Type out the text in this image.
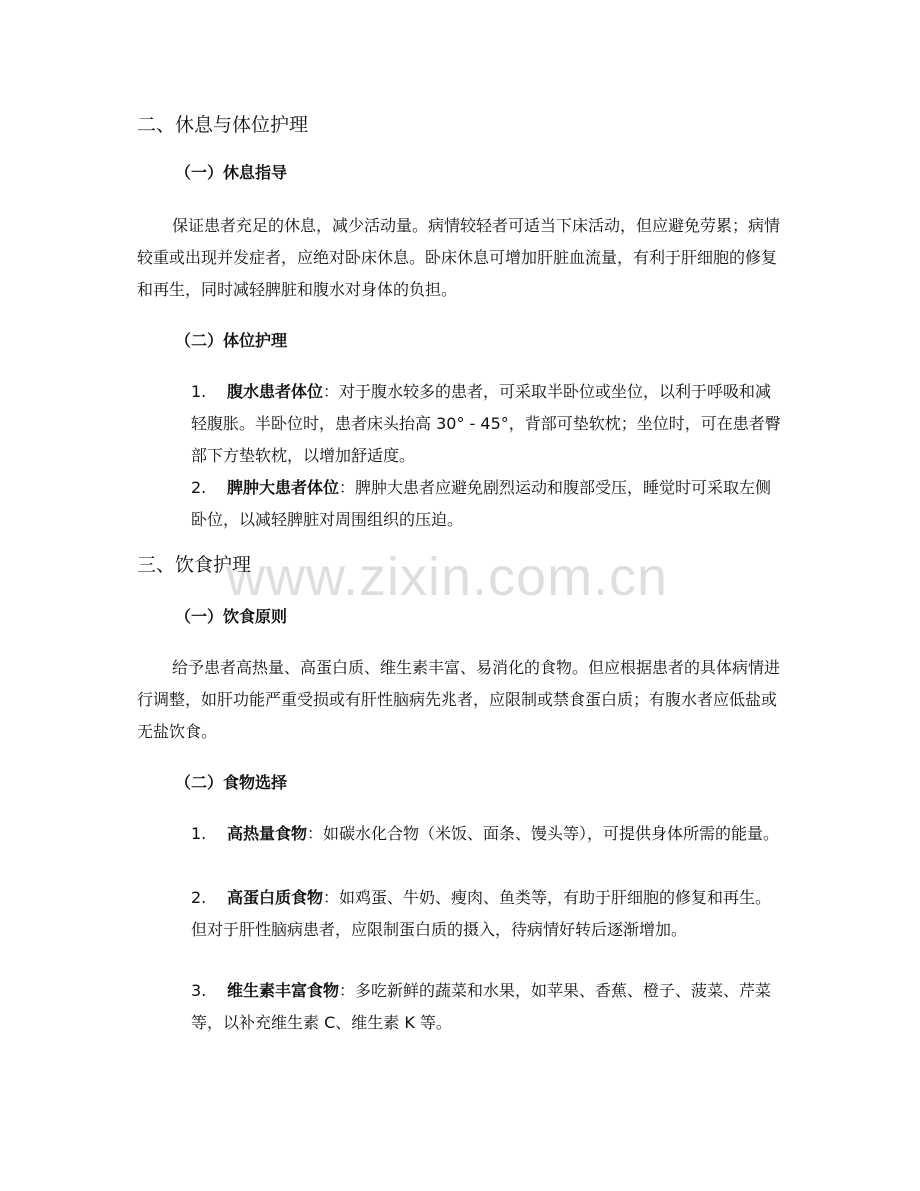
二、休息与体位护理
（一）休息指导

保证患者充足的休息，减少活动量。病情较轻者可适当下床活动，但应避免劳累；病情较重或出现并发症者，应绝对卧床休息。卧床休息可增加肝脏血流量，有利于肝细胞的修复和再生，同时减轻脾脏和腹水对身体的负担。

（二）体位护理

1. 腹水患者体位：对于腹水较多的患者，可采取半卧位或坐位，以利于呼吸和减轻腹胀。半卧位时，患者床头抬高 30° - 45°，背部可垫软枕；坐位时，可在患者臀部下方垫软枕，以增加舒适度。

2. 脾肿大患者体位：脾肿大患者应避免剧烈运动和腹部受压，睡觉时可采取左侧卧位，以减轻脾脏对周围组织的压迫。

三、饮食护理
（一）饮食原则

给予患者高热量、高蛋白质、维生素丰富、易消化的食物。但应根据患者的具体病情进行调整，如肝功能严重受损或有肝性脑病先兆者，应限制或禁食蛋白质；有腹水者应低盐或无盐饮食。

（二）食物选择

1. 高热量食物：如碳水化合物（米饭、面条、馒头等），可提供身体所需的能量。

2. 高蛋白质食物：如鸡蛋、牛奶、瘦肉、鱼类等，有助于肝细胞的修复和再生。但对于肝性脑病患者，应限制蛋白质的摄入，待病情好转后逐渐增加。

3. 维生素丰富食物：多吃新鲜的蔬菜和水果，如苹果、香蕉、橙子、菠菜、芹菜等，以补充维生素 C、维生素 K 等。

www.zixin.com.cn
